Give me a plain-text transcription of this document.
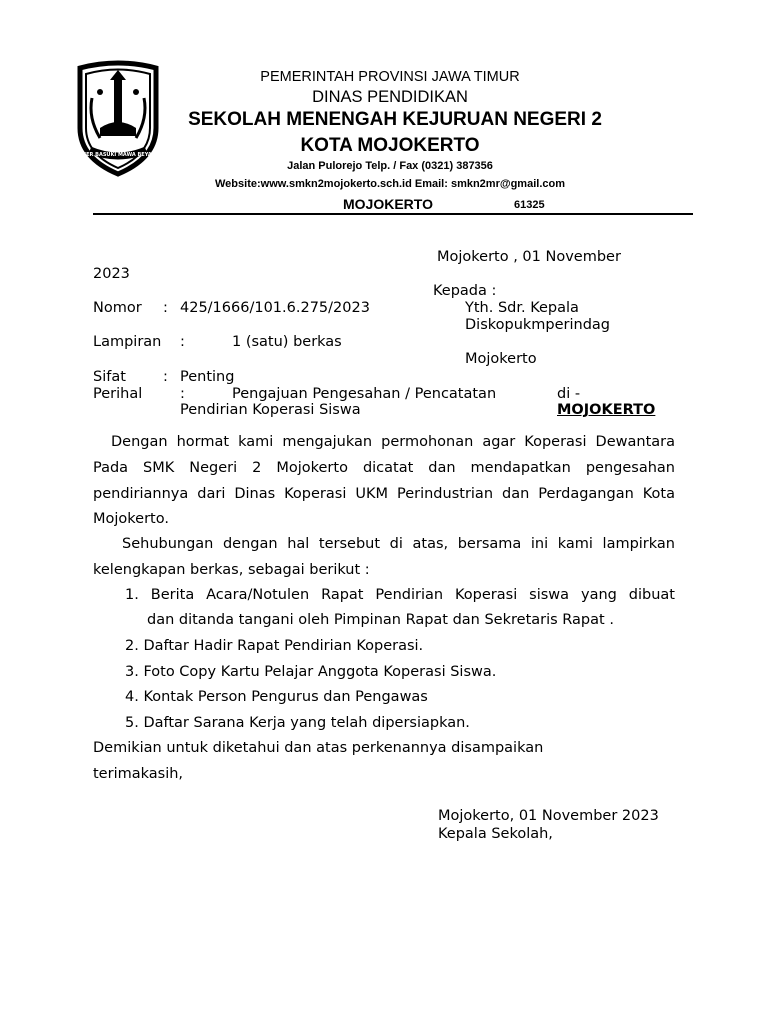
JER BASUKI MAWA BEYA
PEMERINTAH PROVINSI JAWA TIMUR
DINAS PENDIDIKAN
SEKOLAH MENENGAH KEJURUAN NEGERI 2
KOTA MOJOKERTO
Jalan Pulorejo Telp. / Fax (0321) 387356
Website:www.smkn2mojokerto.sch.id Email: smkn2mr@gmail.com
MOJOKERTO	61325
Mojokerto , 01 November
2023
Kepada :
Yth. Sdr. Kepala
Diskopukmperindag
Mojokerto
Nomor : 425/1666/101.6.275/2023
Lampiran :	1 (satu) berkas
Sifat	: Penting
Perihal	:	Pengajuan Pengesahan / Pencatatan
Pendirian Koperasi Siswa
di -
MOJOKERTO
Dengan hormat kami mengajukan permohonan agar Koperasi Dewantara Pada SMK Negeri 2 Mojokerto dicatat dan mendapatkan pengesahan pendiriannya dari Dinas Koperasi UKM Perindustrian dan Perdagangan Kota Mojokerto.
Sehubungan dengan hal tersebut di atas, bersama ini kami lampirkan kelengkapan berkas, sebagai berikut :
1. Berita Acara/Notulen Rapat Pendirian Koperasi siswa yang dibuat
dan ditanda tangani oleh Pimpinan Rapat dan Sekretaris Rapat .
2. Daftar Hadir Rapat Pendirian Koperasi.
3. Foto Copy Kartu Pelajar Anggota Koperasi Siswa.
4. Kontak Person Pengurus dan Pengawas
5. Daftar Sarana Kerja yang telah dipersiapkan.
Demikian untuk diketahui dan atas perkenannya disampaikan
terimakasih,
Mojokerto, 01 November 2023
Kepala Sekolah,
